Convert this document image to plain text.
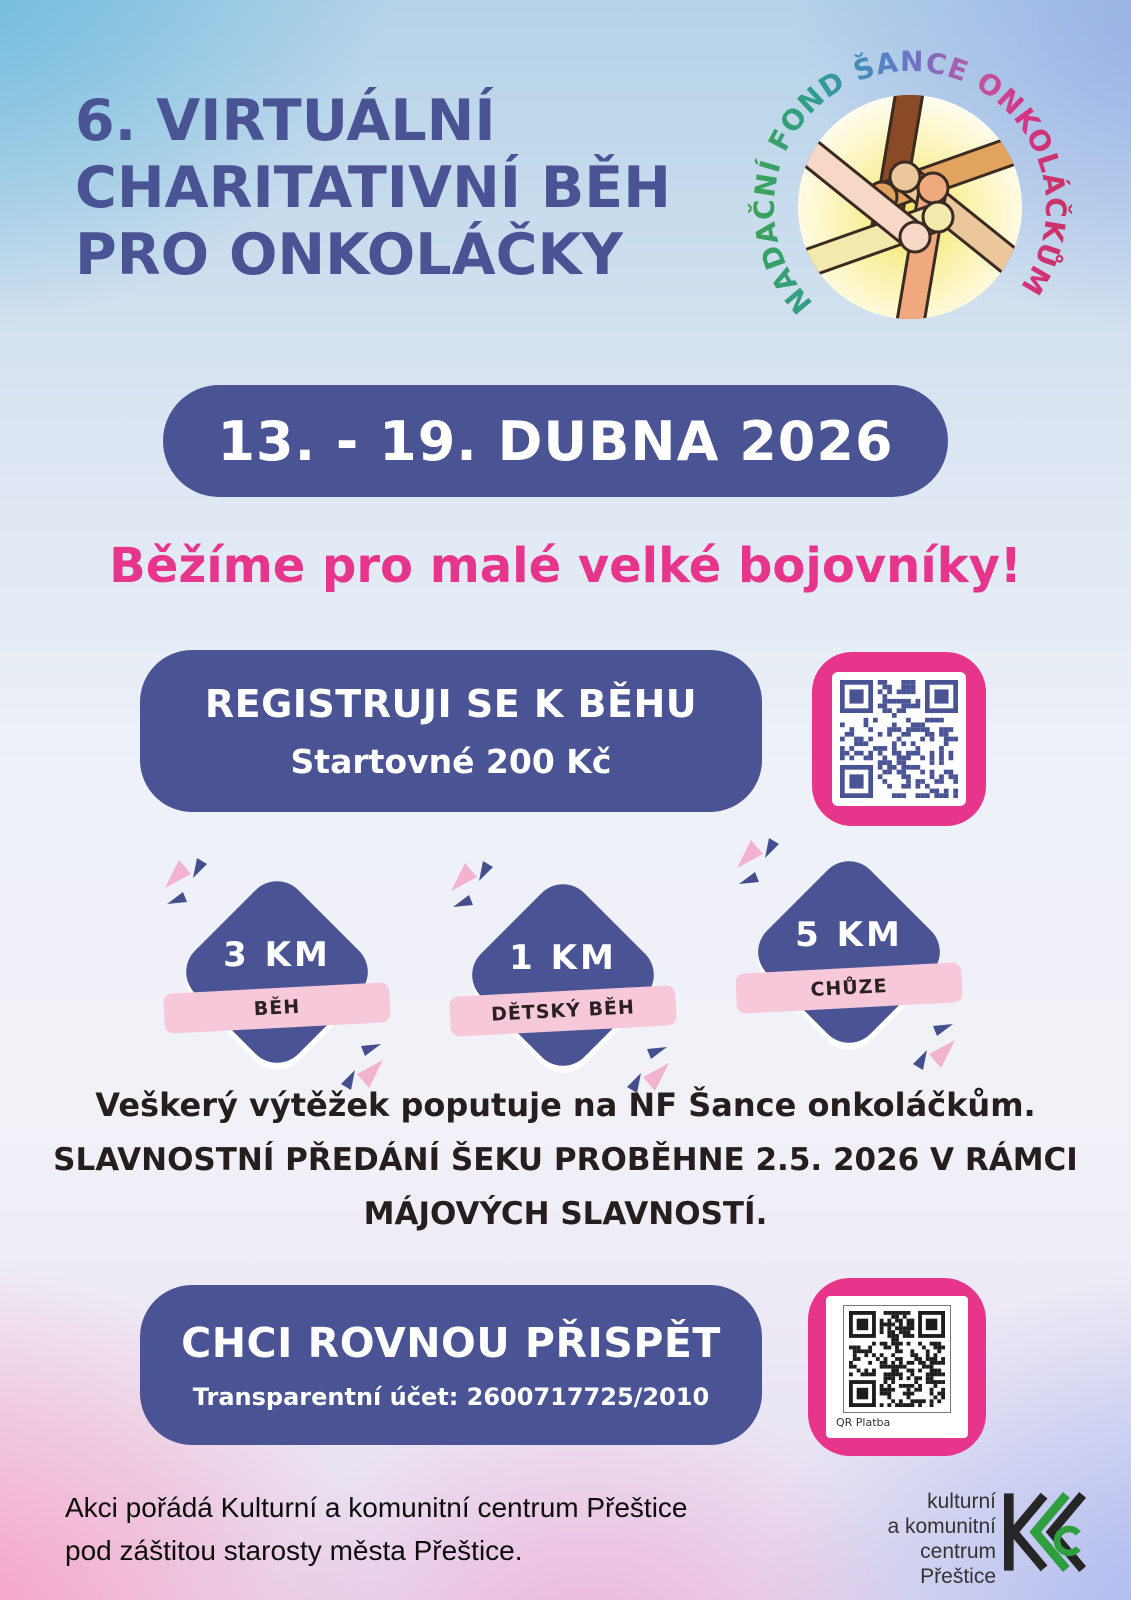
6. VIRTUÁLNÍ
CHARITATIVNÍ BĚH
PRO ONKOLÁČKY
NADAČNÍ FOND ŠANCE ONKOLÁČKŮM
13. - 19. DUBNA 2026
Běžíme pro malé velké bojovníky!
REGISTRUJI SE K BĚHU
Startovné 200 Kč
3 KM
BĚH
1 KM
DĚTSKÝ BĚH
5 KM
CHŮZE
Veškerý výtěžek poputuje na NF Šance onkoláčkům.
SLAVNOSTNÍ PŘEDÁNÍ ŠEKU PROBĚHNE 2.5. 2026 V RÁMCI
MÁJOVÝCH SLAVNOSTÍ.
CHCI ROVNOU PŘISPĚT
Transparentní účet: 2600717725/2010
QR Platba
Akci pořádá Kulturní a komunitní centrum Přeštice
pod záštitou starosty města Přeštice.
kulturní
a komunitní
centrum
Přeštice
